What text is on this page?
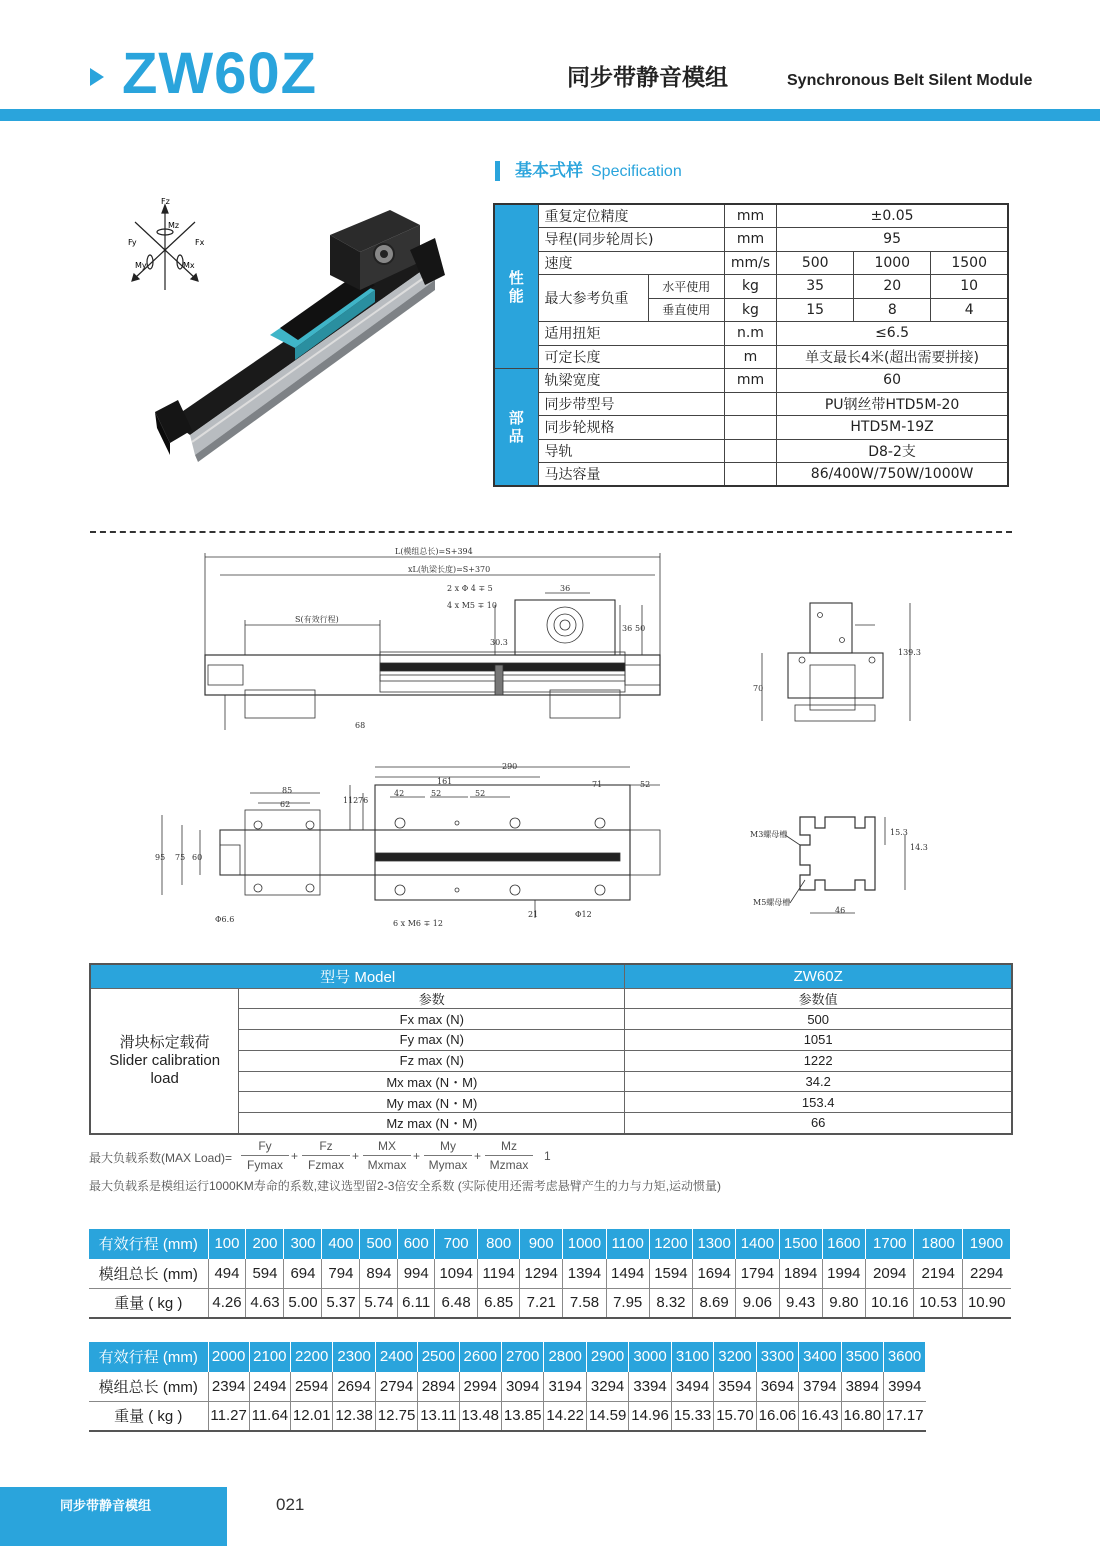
ZW60Z	同步带静音模组	Synchronous Belt Silent Module
Fz
Mz
Fy	Fx
My	Mx
基本式样 Specification
性能	重复定位精度		mm	±0.05		
	导程(同步轮周长)		mm	95		
	速度		mm/s	500	1000	1500
	最大参考负重	水平使用	kg	35	20	10
		垂直使用	kg	15	8	4
	适用扭矩		n.m	≤6.5		
	可定长度		m	单支最长4米(超出需要拼接)		
部品	轨梁宽度		mm	60		
	同步带型号			PU钢丝带HTD5M-20		
	同步轮规格			HTD5M-19Z		
	导轨			D8-2支		
	马达容量			86/400W/750W/1000W		
L(模组总长)=S+394
xL(轨梁长度)=S+370
2 x Φ 4 ∓ 5
4 x M5 ∓ 10
S(有效行程)
36
36 50
30.3
68
70
139.3
290
161	71	52
85
62	112 76
42	52	52
95 75 60
Φ6.6
21	Φ12
6 x M6 ∓ 12
M3螺母槽
M5螺母槽
15.3
14.3
46
型号 Model		ZW60Z

滑块标定载荷
Slider calibration
load	参数	参数值
	Fx max (N)	500
	Fy max (N)	1051
	Fz max (N)	1222
	Mx max (N・M)	34.2
	My max (N・M)	153.4
	Mz max (N・M)	66
最大负载系数(MAX Load)=
Fy
Fymax
+
Fz
Fzmax
+
MX
Mxmax
+
My
Mymax
+
Mz
Mzmax
1
最大负载系是模组运行1000KM寿命的系数,建议选型留2-3倍安全系数 (实际使用还需考虑悬臂产生的力与力矩,运动惯量)
有效行程 (mm)	100	200	300	400	500	600	700	800	900	1000	1100	1200	1300	1400	1500	1600	1700	1800	1900
模组总长 (mm)	494	594	694	794	894	994	1094	1194	1294	1394	1494	1594	1694	1794	1894	1994	2094	2194	2294
重量 ( kg )	4.26	4.63	5.00	5.37	5.74	6.11	6.48	6.85	7.21	7.58	7.95	8.32	8.69	9.06	9.43	9.80	10.16	10.53	10.90
有效行程 (mm)	2000	2100	2200	2300	2400	2500	2600	2700	2800	2900	3000	3100	3200	3300	3400	3500	3600
模组总长 (mm)	2394	2494	2594	2694	2794	2894	2994	3094	3194	3294	3394	3494	3594	3694	3794	3894	3994
重量 ( kg )	11.27	11.64	12.01	12.38	12.75	13.11	13.48	13.85	14.22	14.59	14.96	15.33	15.70	16.06	16.43	16.80	17.17
同步带静音模组	021
